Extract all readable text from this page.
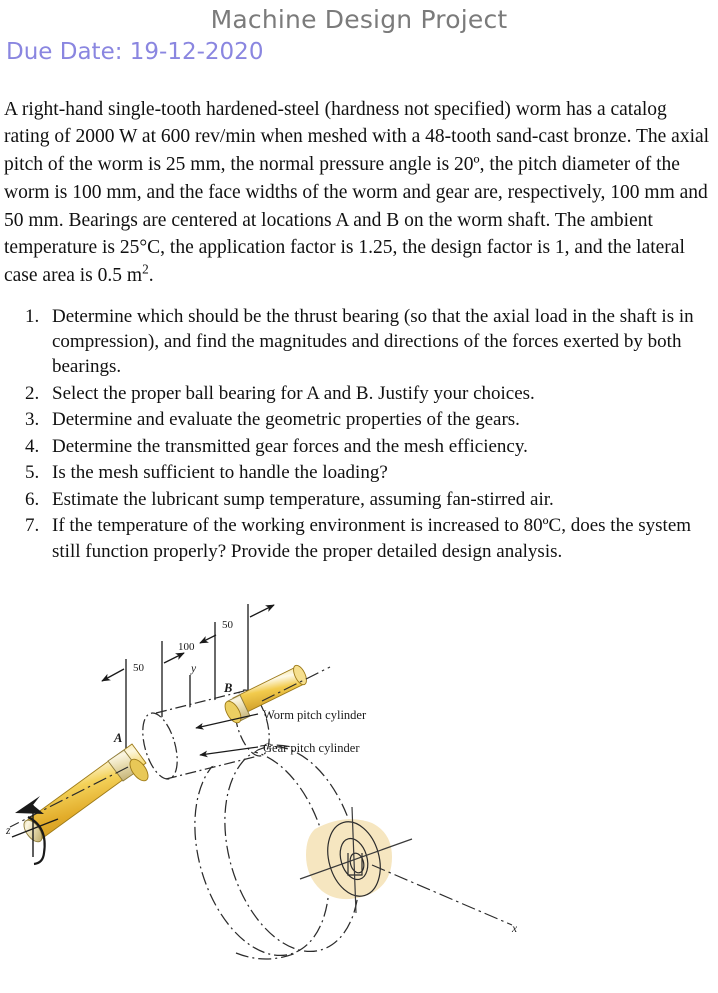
Machine Design Project
Due Date: 19-12-2020

A right-hand single-tooth hardened-steel (hardness not specified) worm has a catalog rating of 2000 W at 600 rev/min when meshed with a 48-tooth sand-cast bronze. The axial pitch of the worm is 25 mm, the normal pressure angle is 20º, the pitch diameter of the worm is 100 mm, and the face widths of the worm and gear are, respectively, 100 mm and 50 mm. Bearings are centered at locations A and B on the worm shaft. The ambient temperature is 25°C, the application factor is 1.25, the design factor is 1, and the lateral case area is 0.5 $m^2$.

1. Determine which should be the thrust bearing (so that the axial load in the shaft is in compression), and find the magnitudes and directions of the forces exerted by both bearings.
2. Select the proper ball bearing for A and B. Justify your choices.
3. Determine and evaluate the geometric properties of the gears.
4. Determine the transmitted gear forces and the mesh efficiency.
5. Is the mesh sufficient to handle the loading?
6. Estimate the lubricant sump temperature, assuming fan-stirred air.
7. If the temperature of the working environment is increased to 80ºC, does the system still function properly? Provide the proper detailed design analysis.
50
100
50
y
x
z
A
B
Worm pitch cylinder
Gear pitch cylinder
